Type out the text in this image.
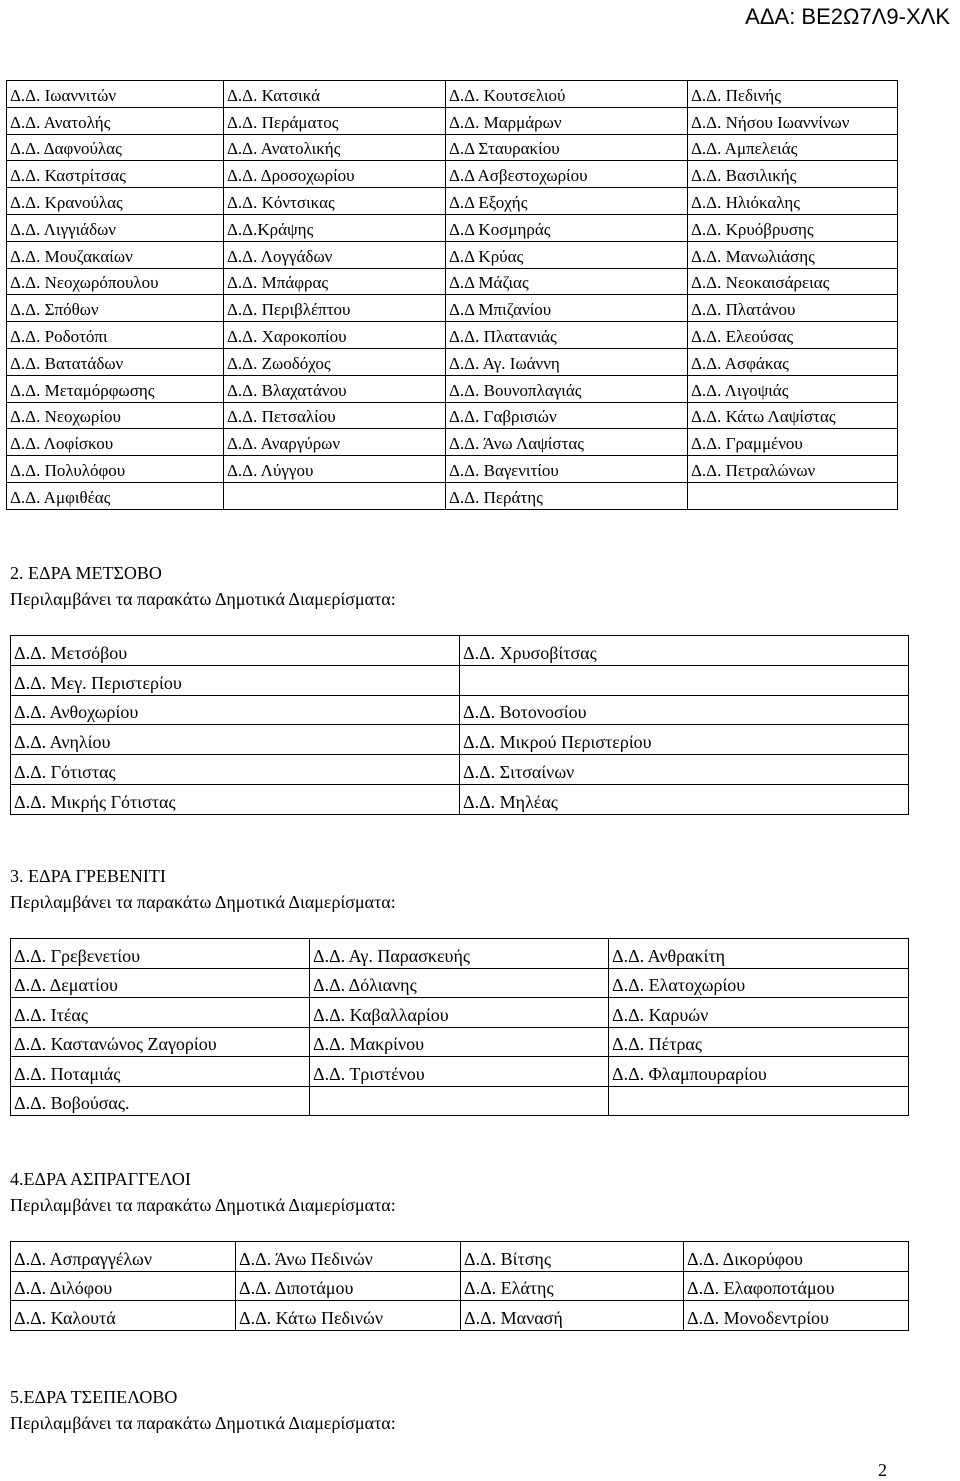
ΑΔΑ: ΒΕ2Ω7Λ9-ΧΛΚ
Δ.Δ. Ιωαννιτών	Δ.Δ. Κατσικά	Δ.Δ. Κουτσελιού	Δ.Δ. Πεδινής
Δ.Δ. Ανατολής	Δ.Δ. Περάματος	Δ.Δ. Μαρμάρων	Δ.Δ. Νήσου Ιωαννίνων
Δ.Δ. Δαφνούλας	Δ.Δ. Ανατολικής	Δ.Δ Σταυρακίου	Δ.Δ. Αμπελειάς
Δ.Δ. Καστρίτσας	Δ.Δ. Δροσοχωρίου	Δ.Δ Ασβεστοχωρίου	Δ.Δ. Βασιλικής
Δ.Δ. Κρανούλας	Δ.Δ. Κόντσικας	Δ.Δ Εξοχής	Δ.Δ. Ηλιόκαλης
Δ.Δ. Λιγγιάδων	Δ.Δ.Κράψης	Δ.Δ Κοσμηράς	Δ.Δ. Κρυόβρυσης
Δ.Δ. Μουζακαίων	Δ.Δ. Λογγάδων	Δ.Δ Κρύας	Δ.Δ. Μανωλιάσης
Δ.Δ. Νεοχωρόπουλου	Δ.Δ. Μπάφρας	Δ.Δ Μάζιας	Δ.Δ. Νεοκαισάρειας
Δ.Δ. Σπόθων	Δ.Δ. Περιβλέπτου	Δ.Δ Μπιζανίου	Δ.Δ. Πλατάνου
Δ.Δ. Ροδοτόπι	Δ.Δ. Χαροκοπίου	Δ.Δ. Πλατανιάς	Δ.Δ. Ελεούσας
Δ.Δ. Βατατάδων	Δ.Δ. Ζωοδόχος	Δ.Δ. Αγ. Ιωάννη	Δ.Δ. Ασφάκας
Δ.Δ. Μεταμόρφωσης	Δ.Δ. Βλαχατάνου	Δ.Δ. Βουνοπλαγιάς	Δ.Δ. Λιγοψιάς
Δ.Δ. Νεοχωρίου	Δ.Δ. Πετσαλίου	Δ.Δ. Γαβρισιών	Δ.Δ. Κάτω Λαψίστας
Δ.Δ. Λοφίσκου	Δ.Δ. Αναργύρων	Δ.Δ. Άνω Λαψίστας	Δ.Δ. Γραμμένου
Δ.Δ. Πολυλόφου	Δ.Δ. Λύγγου	Δ.Δ. Βαγενιτίου	Δ.Δ. Πετραλώνων
Δ.Δ. Αμφιθέας		Δ.Δ. Περάτης	
2. ΕΔΡΑ ΜΕΤΣΟΒΟ
Περιλαμβάνει τα παρακάτω Δημοτικά Διαμερίσματα:
Δ.Δ. Μετσόβου	Δ.Δ. Χρυσοβίτσας
Δ.Δ. Μεγ. Περιστερίου	
Δ.Δ. Ανθοχωρίου	Δ.Δ. Βοτονοσίου
Δ.Δ. Ανηλίου	Δ.Δ. Μικρού Περιστερίου
Δ.Δ. Γότιστας	Δ.Δ. Σιτσαίνων
Δ.Δ. Μικρής Γότιστας	Δ.Δ. Μηλέας
3. ΕΔΡΑ ΓΡΕΒΕΝΙΤΙ
Περιλαμβάνει τα παρακάτω Δημοτικά Διαμερίσματα:
Δ.Δ. Γρεβενετίου	Δ.Δ. Αγ. Παρασκευής	Δ.Δ. Ανθρακίτη
Δ.Δ. Δεματίου	Δ.Δ. Δόλιανης	Δ.Δ. Ελατοχωρίου
Δ.Δ. Ιτέας	Δ.Δ. Καβαλλαρίου	Δ.Δ. Καρυών
Δ.Δ. Καστανώνος Ζαγορίου	Δ.Δ. Μακρίνου	Δ.Δ. Πέτρας
Δ.Δ. Ποταμιάς	Δ.Δ. Τριστένου	Δ.Δ. Φλαμπουραρίου
Δ.Δ. Βοβούσας.		
4.ΕΔΡΑ ΑΣΠΡΑΓΓΕΛΟΙ
Περιλαμβάνει τα παρακάτω Δημοτικά Διαμερίσματα:
Δ.Δ. Ασπραγγέλων	Δ.Δ. Άνω Πεδινών	Δ.Δ. Βίτσης	Δ.Δ. Δικορύφου
Δ.Δ. Διλόφου	Δ.Δ. Διποτάμου	Δ.Δ. Ελάτης	Δ.Δ. Ελαφοποτάμου
Δ.Δ. Καλουτά	Δ.Δ. Κάτω Πεδινών	Δ.Δ. Μανασή	Δ.Δ. Μονοδεντρίου
5.ΕΔΡΑ ΤΣΕΠΕΛΟΒΟ
Περιλαμβάνει τα παρακάτω Δημοτικά Διαμερίσματα:
2
